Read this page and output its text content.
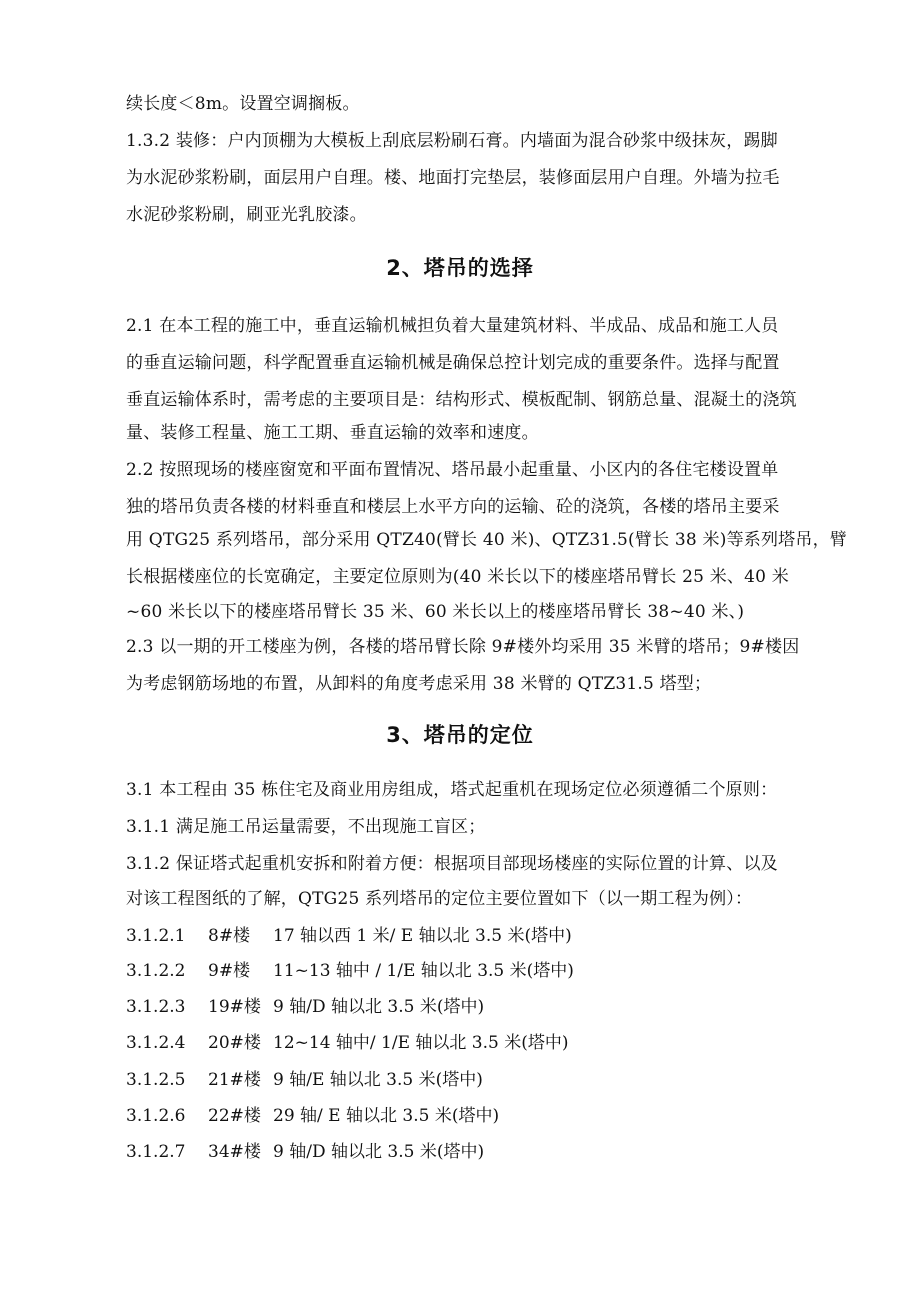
续长度＜8m。设置空调搁板。
1.3.2 装修：户内顶棚为大模板上刮底层粉刷石膏。内墙面为混合砂浆中级抹灰，踢脚
为水泥砂浆粉刷，面层用户自理。楼、地面打完垫层，装修面层用户自理。外墙为拉毛
水泥砂浆粉刷，刷亚光乳胶漆。
2、塔吊的选择
2.1 在本工程的施工中，垂直运输机械担负着大量建筑材料、半成品、成品和施工人员
的垂直运输问题，科学配置垂直运输机械是确保总控计划完成的重要条件。选择与配置
垂直运输体系时，需考虑的主要项目是：结构形式、模板配制、钢筋总量、混凝土的浇筑
量、装修工程量、施工工期、垂直运输的效率和速度。
2.2 按照现场的楼座窗宽和平面布置情况、塔吊最小起重量、小区内的各住宅楼设置单
独的塔吊负责各楼的材料垂直和楼层上水平方向的运输、砼的浇筑，各楼的塔吊主要采
用 QTG25 系列塔吊，部分采用 QTZ40(臂长 40 米)、QTZ31.5(臂长 38 米)等系列塔吊，臂
长根据楼座位的长宽确定，主要定位原则为(40 米长以下的楼座塔吊臂长 25 米、40 米
~60 米长以下的楼座塔吊臂长 35 米、60 米长以上的楼座塔吊臂长 38~40 米、)
2.3 以一期的开工楼座为例，各楼的塔吊臂长除 9#楼外均采用 35 米臂的塔吊；9#楼因
为考虑钢筋场地的布置，从卸料的角度考虑采用 38 米臂的 QTZ31.5 塔型；
3、塔吊的定位
3.1 本工程由 35 栋住宅及商业用房组成，塔式起重机在现场定位必须遵循二个原则：
3.1.1 满足施工吊运量需要，不出现施工盲区；
3.1.2 保证塔式起重机安拆和附着方便：根据项目部现场楼座的实际位置的计算、以及
对该工程图纸的了解，QTG25 系列塔吊的定位主要位置如下（以一期工程为例）：
3.1.2.1 8#楼 17 轴以西 1 米/ E 轴以北 3.5 米(塔中)
3.1.2.2 9#楼 11~13 轴中 / 1/E 轴以北 3.5 米(塔中)
3.1.2.3 19#楼 9 轴/D 轴以北 3.5 米(塔中)
3.1.2.4 20#楼 12~14 轴中/ 1/E 轴以北 3.5 米(塔中)
3.1.2.5 21#楼 9 轴/E 轴以北 3.5 米(塔中)
3.1.2.6 22#楼 29 轴/ E 轴以北 3.5 米(塔中)
3.1.2.7 34#楼 9 轴/D 轴以北 3.5 米(塔中)
